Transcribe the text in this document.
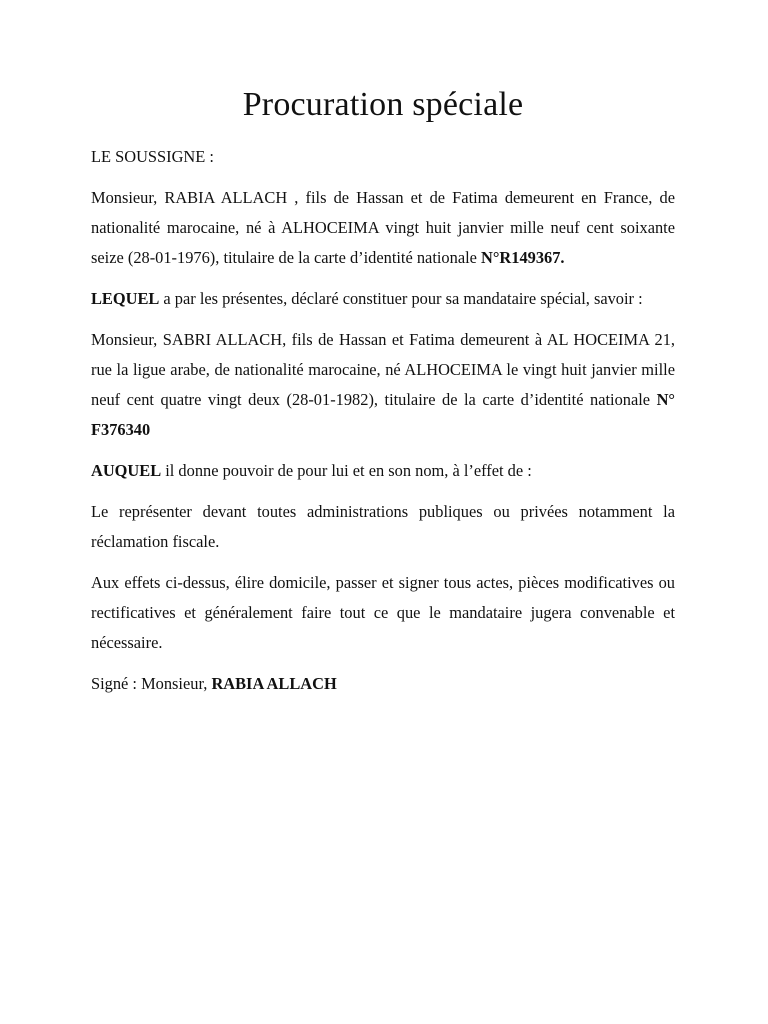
Procuration spéciale

LE SOUSSIGNE :

Monsieur, RABIA ALLACH , fils de Hassan et de Fatima demeurent en France, de nationalité marocaine, né à ALHOCEIMA vingt huit janvier mille neuf cent soixante seize (28-01-1976), titulaire de la carte d’identité nationale N°R149367.

LEQUEL a par les présentes, déclaré constituer pour sa mandataire spécial, savoir :

Monsieur, SABRI ALLACH, fils de Hassan et Fatima demeurent à AL HOCEIMA 21, rue la ligue arabe, de nationalité marocaine, né ALHOCEIMA le vingt huit janvier mille neuf cent quatre vingt deux (28-01-1982), titulaire de la carte d’identité nationale N° F376340

AUQUEL il donne pouvoir de pour lui et en son nom, à l’effet de :

Le représenter devant toutes administrations publiques ou privées notamment la réclamation fiscale.

Aux effets ci-dessus, élire domicile, passer et signer tous actes, pièces modificatives ou rectificatives et généralement faire tout ce que le mandataire jugera convenable et nécessaire.

Signé : Monsieur, RABIA ALLACH
